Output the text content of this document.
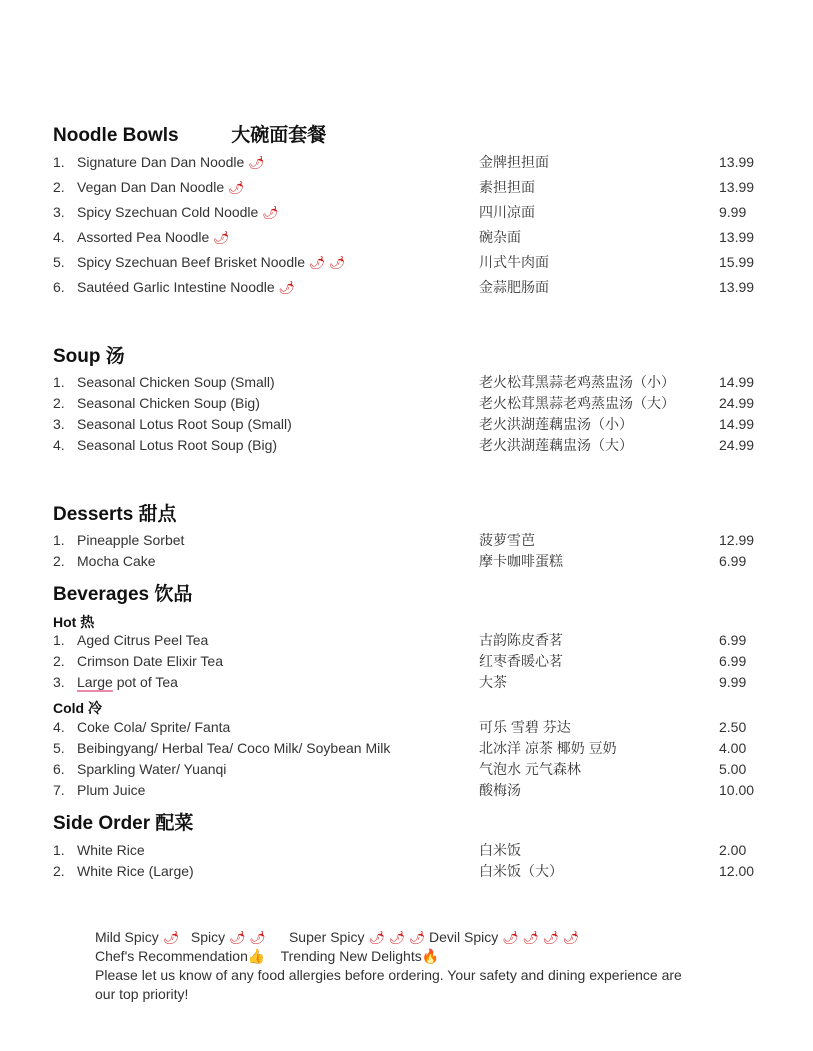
Noodle Bowls	大碗面套餐
1. Signature Dan Dan Noodle 🌶	金牌担担面	13.99
2. Vegan Dan Dan Noodle 🌶	素担担面	13.99
3. Spicy Szechuan Cold Noodle 🌶	四川凉面	9.99
4. Assorted Pea Noodle 🌶	碗杂面	13.99
5. Spicy Szechuan Beef Brisket Noodle 🌶 🌶	川式牛肉面	15.99
6. Sautéed Garlic Intestine Noodle 🌶	金蒜肥肠面	13.99
Soup 汤
1. Seasonal Chicken Soup (Small)	老火松茸黑蒜老鸡蒸盅汤（小）	14.99
2. Seasonal Chicken Soup (Big)	老火松茸黑蒜老鸡蒸盅汤（大）	24.99
3. Seasonal Lotus Root Soup (Small)	老火洪湖莲藕盅汤（小）	14.99
4. Seasonal Lotus Root Soup (Big)	老火洪湖莲藕盅汤（大）	24.99
Desserts 甜点
1. Pineapple Sorbet	菠萝雪芭	12.99
2. Mocha Cake	摩卡咖啡蛋糕	6.99
Beverages 饮品
Hot 热
1. Aged Citrus Peel Tea	古韵陈皮香茗	6.99
2. Crimson Date Elixir Tea	红枣香暖心茗	6.99
3. Large pot of Tea	大茶	9.99
Cold 冷
4. Coke Cola/ Sprite/ Fanta	可乐 雪碧 芬达	2.50
5. Beibingyang/ Herbal Tea/ Coco Milk/ Soybean Milk	北冰洋 凉茶 椰奶 豆奶	4.00
6. Sparkling Water/ Yuanqi	气泡水 元气森林	5.00
7. Plum Juice	酸梅汤	10.00
Side Order 配菜
1. White Rice	白米饭	2.00
2. White Rice (Large)	白米饭（大）	12.00
Mild Spicy 🌶 Spicy 🌶 🌶 Super Spicy 🌶 🌶 🌶 Devil Spicy 🌶 🌶 🌶 🌶
Chef's Recommendation👍 Trending New Delights🔥
Please let us know of any food allergies before ordering. Your safety and dining experience are
our top priority!
